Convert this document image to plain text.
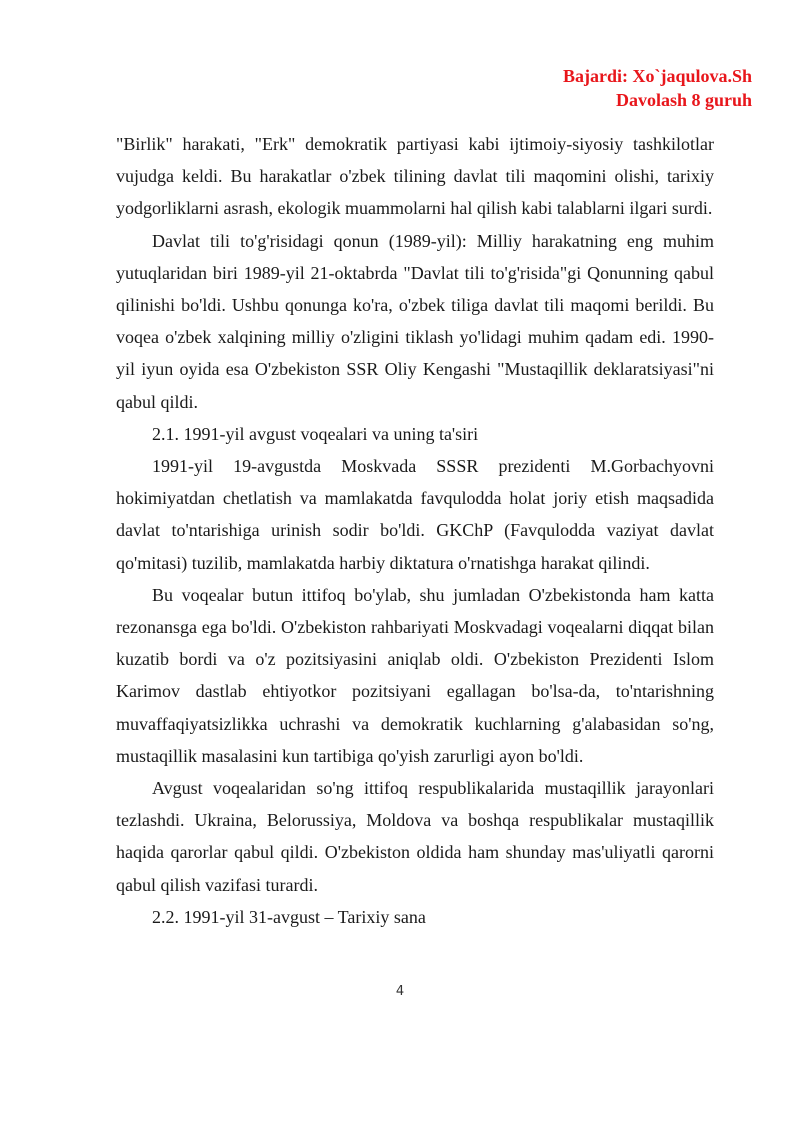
Bajardi: Xo`jaqulova.Sh
Davolash 8 guruh

"Birlik" harakati, "Erk" demokratik partiyasi kabi ijtimoiy-siyosiy tashkilotlar vujudga keldi. Bu harakatlar o'zbek tilining davlat tili maqomini olishi, tarixiy yodgorliklarni asrash, ekologik muammolarni hal qilish kabi talablarni ilgari surdi.

Davlat tili to'g'risidagi qonun (1989-yil): Milliy harakatning eng muhim yutuqlaridan biri 1989-yil 21-oktabrda "Davlat tili to'g'risida"gi Qonunning qabul qilinishi bo'ldi. Ushbu qonunga ko'ra, o'zbek tiliga davlat tili maqomi berildi. Bu voqea o'zbek xalqining milliy o'zligini tiklash yo'lidagi muhim qadam edi. 1990-yil iyun oyida esa O'zbekiston SSR Oliy Kengashi "Mustaqillik deklaratsiyasi"ni qabul qildi.

2.1. 1991-yil avgust voqealari va uning ta'siri

1991-yil 19-avgustda Moskvada SSSR prezidenti M.Gorbachyovni hokimiyatdan chetlatish va mamlakatda favqulodda holat joriy etish maqsadida davlat to'ntarishiga urinish sodir bo'ldi. GKChP (Favqulodda vaziyat davlat qo'mitasi) tuzilib, mamlakatda harbiy diktatura o'rnatishga harakat qilindi.

Bu voqealar butun ittifoq bo'ylab, shu jumladan O'zbekistonda ham katta rezonansga ega bo'ldi. O'zbekiston rahbariyati Moskvadagi voqealarni diqqat bilan kuzatib bordi va o'z pozitsiyasini aniqlab oldi. O'zbekiston Prezidenti Islom Karimov dastlab ehtiyotkor pozitsiyani egallagan bo'lsa-da, to'ntarishning muvaffaqiyatsizlikka uchrashi va demokratik kuchlarning g'alabasidan so'ng, mustaqillik masalasini kun tartibiga qo'yish zarurligi ayon bo'ldi.

Avgust voqealaridan so'ng ittifoq respublikalarida mustaqillik jarayonlari tezlashdi. Ukraina, Belorussiya, Moldova va boshqa respublikalar mustaqillik haqida qarorlar qabul qildi. O'zbekiston oldida ham shunday mas'uliyatli qarorni qabul qilish vazifasi turardi.

2.2. 1991-yil 31-avgust – Tarixiy sana

4
